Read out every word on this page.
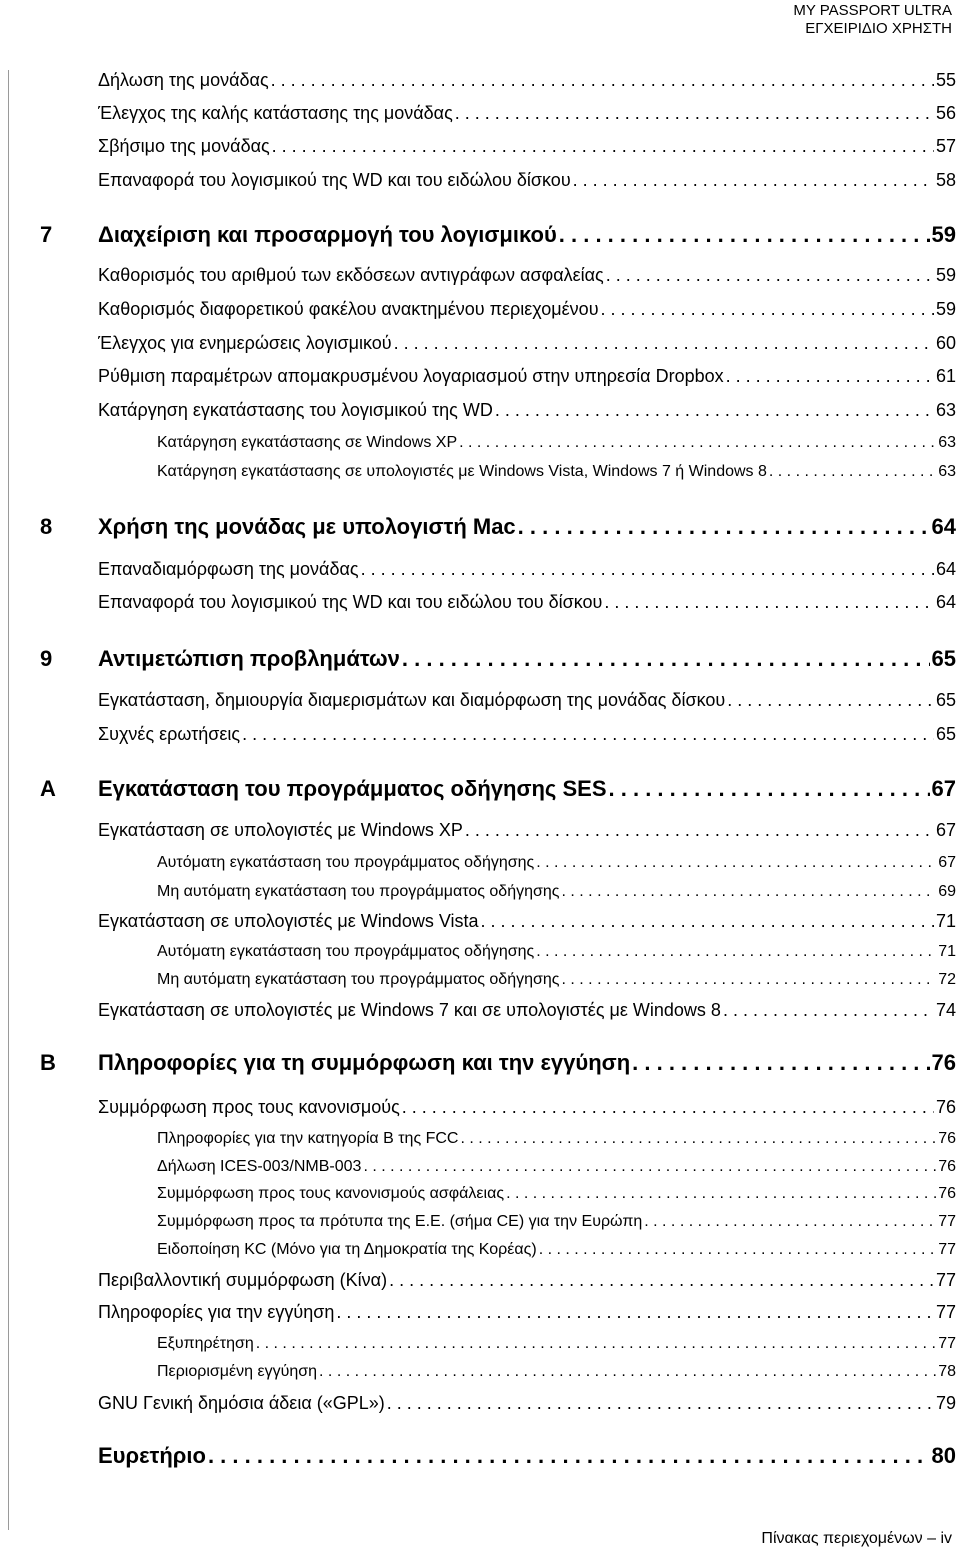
MY PASSPORT ULTRA
ΕΓΧΕΙΡΙΔΙΟ ΧΡΗΣΤΗ
Δήλωση της μονάδας . . .	55
Έλεγχος της καλής κατάστασης της μονάδας . . .	56
Σβήσιμο της μονάδας . . .	57
Επαναφορά του λογισμικού της WD και του ειδώλου δίσκου . . .	58
7 Διαχείριση και προσαρμογή του λογισμικού . . .	59
Καθορισμός του αριθμού των εκδόσεων αντιγράφων ασφαλείας . . .	59
Καθορισμός διαφορετικού φακέλου ανακτημένου περιεχομένου . . .	59
Έλεγχος για ενημερώσεις λογισμικού . . .	60
Ρύθμιση παραμέτρων απομακρυσμένου λογαριασμού στην υπηρεσία Dropbox . . .	61
Κατάργηση εγκατάστασης του λογισμικού της WD . . .	63
Κατάργηση εγκατάστασης σε Windows XP . . .	63
Κατάργηση εγκατάστασης σε υπολογιστές με Windows Vista, Windows 7 ή Windows 8 . . .	63
8 Χρήση της μονάδας με υπολογιστή Mac . . .	64
Επαναδιαμόρφωση της μονάδας . . .	64
Επαναφορά του λογισμικού της WD και του ειδώλου του δίσκου . . .	64
9 Αντιμετώπιση προβλημάτων . . .	65
Εγκατάσταση, δημιουργία διαμερισμάτων και διαμόρφωση της μονάδας δίσκου . . .	65
Συχνές ερωτήσεις . . .	65
A Εγκατάσταση του προγράμματος οδήγησης SES . . .	67
Εγκατάσταση σε υπολογιστές με Windows XP . . .	67
Αυτόματη εγκατάσταση του προγράμματος οδήγησης . . .	67
Μη αυτόματη εγκατάσταση του προγράμματος οδήγησης . . .	69
Εγκατάσταση σε υπολογιστές με Windows Vista . . .	71
Αυτόματη εγκατάσταση του προγράμματος οδήγησης . . .	71
Μη αυτόματη εγκατάσταση του προγράμματος οδήγησης . . .	72
Εγκατάσταση σε υπολογιστές με Windows 7 και σε υπολογιστές με Windows 8 . . .	74
B Πληροφορίες για τη συμμόρφωση και την εγγύηση . . .	76
Συμμόρφωση προς τους κανονισμούς . . .	76
Πληροφορίες για την κατηγορία B της FCC . . .	76
Δήλωση ICES-003/NMB-003 . . .	76
Συμμόρφωση προς τους κανονισμούς ασφάλειας . . .	76
Συμμόρφωση προς τα πρότυπα της Ε.Ε. (σήμα CE) για την Ευρώπη . . .	77
Ειδοποίηση KC (Μόνο για τη Δημοκρατία της Κορέας) . . .	77
Περιβαλλοντική συμμόρφωση (Κίνα) . . .	77
Πληροφορίες για την εγγύηση . . .	77
Εξυπηρέτηση . . .	77
Περιορισμένη εγγύηση . . .	78
GNU Γενική δημόσια άδεια («GPL») . . .	79
Ευρετήριο . . .	80
Πίνακας περιεχομένων – iv
